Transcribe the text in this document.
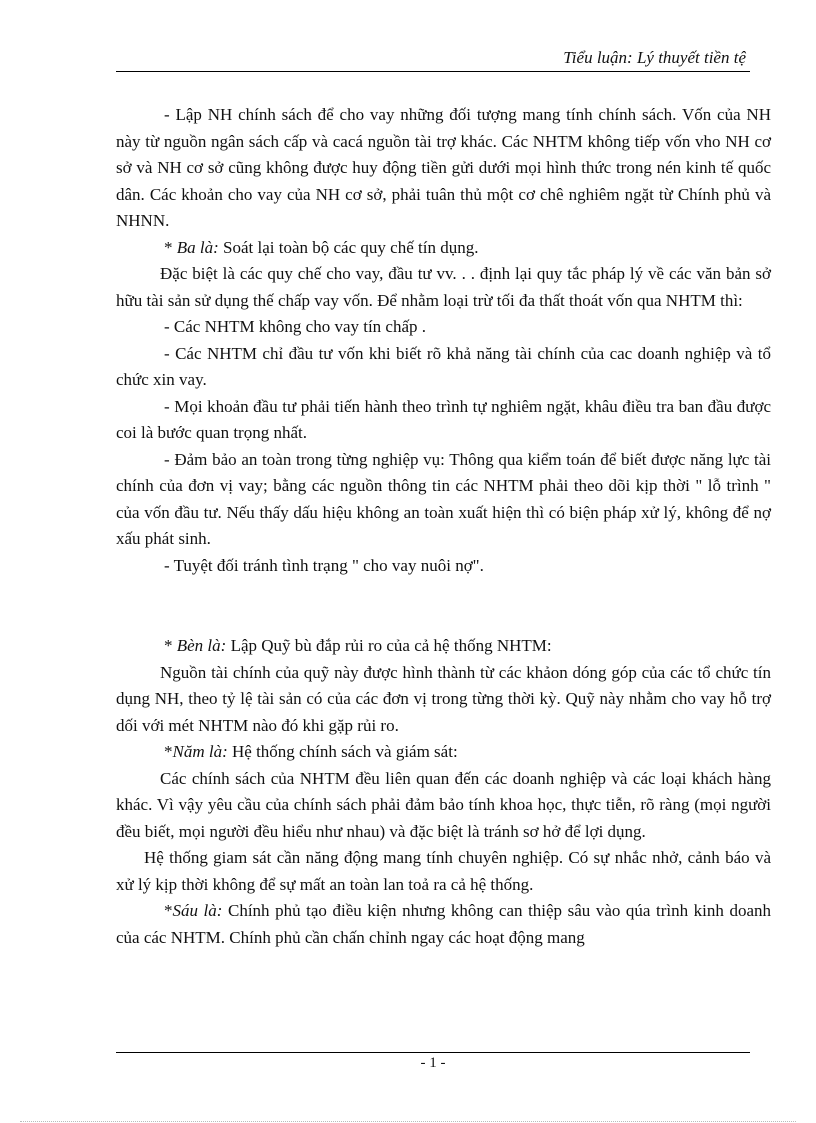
Tiểu luận: Lý thuyết tiền tệ

- Lập NH chính sách để cho vay những đối tượng mang tính chính sách. Vốn của NH này từ nguồn ngân sách cấp và cacá nguồn tài trợ khác. Các NHTM không tiếp vốn vho NH cơ sở và NH cơ sở cũng không được huy động tiền gửi dưới mọi hình thức trong nén kinh tế quốc dân. Các khoản cho vay của NH cơ sở, phải tuân thủ một cơ chê nghiêm ngặt từ Chính phủ và NHNN.

* Ba là: Soát lại toàn bộ các quy chế tín dụng.

Đặc biệt là các quy chế cho vay, đầu tư vv. . . định lại quy tắc pháp lý về các văn bản sở hữu tài sản sử dụng thế chấp vay vốn. Để nhằm loại trừ tối đa thất thoát vốn qua NHTM thì:

- Các NHTM không cho vay tín chấp .

- Các NHTM chỉ đầu tư vốn khi biết rõ khả năng tài chính của cac doanh nghiệp và tổ chức xin vay.

- Mọi khoản đầu tư phải tiến hành theo trình tự nghiêm ngặt, khâu điều tra ban đầu được coi là bước quan trọng nhất.

- Đảm bảo an toàn trong từng nghiệp vụ: Thông qua kiểm toán để biết được năng lực tài chính của đơn vị vay; bằng các nguồn thông tin các NHTM phải theo dõi kịp thời " lỗ trình " của vốn đầu tư. Nếu thấy dấu hiệu không an toàn xuất hiện thì có biện pháp xử lý, không để nợ xấu phát sinh.

- Tuyệt đối tránh tình trạng " cho vay nuôi nợ".

* Bèn là: Lập Quỹ bù đắp rủi ro của cả hệ thống NHTM:

Nguồn tài chính của quỹ này được hình thành từ các khảon dóng góp của các tổ chức tín dụng NH, theo tỷ lệ tài sản có của các đơn vị trong từng thời kỳ. Quỹ này nhằm cho vay hỗ trợ dối với mét NHTM nào đó khi gặp rủi ro.

*Năm là: Hệ thống chính sách và giám sát:

Các chính sách của NHTM đều liên quan đến các doanh nghiệp và các loại khách hàng khác. Vì vậy yêu cầu của chính sách phải đảm bảo tính khoa học, thực tiễn, rõ ràng (mọi người đều biết, mọi người đều hiểu như nhau) và đặc biệt là tránh sơ hở để lợi dụng.

Hệ thống giam sát cần năng động mang tính chuyên nghiệp. Có sự nhắc nhở, cảnh báo và xử lý kịp thời không để sự mất an toàn lan toả ra cả hệ thống.

*Sáu là: Chính phủ tạo điều kiện nhưng không can thiệp sâu vào qúa trình kinh doanh của các NHTM. Chính phủ cần chấn chỉnh ngay các hoạt động mang

- 1 -
